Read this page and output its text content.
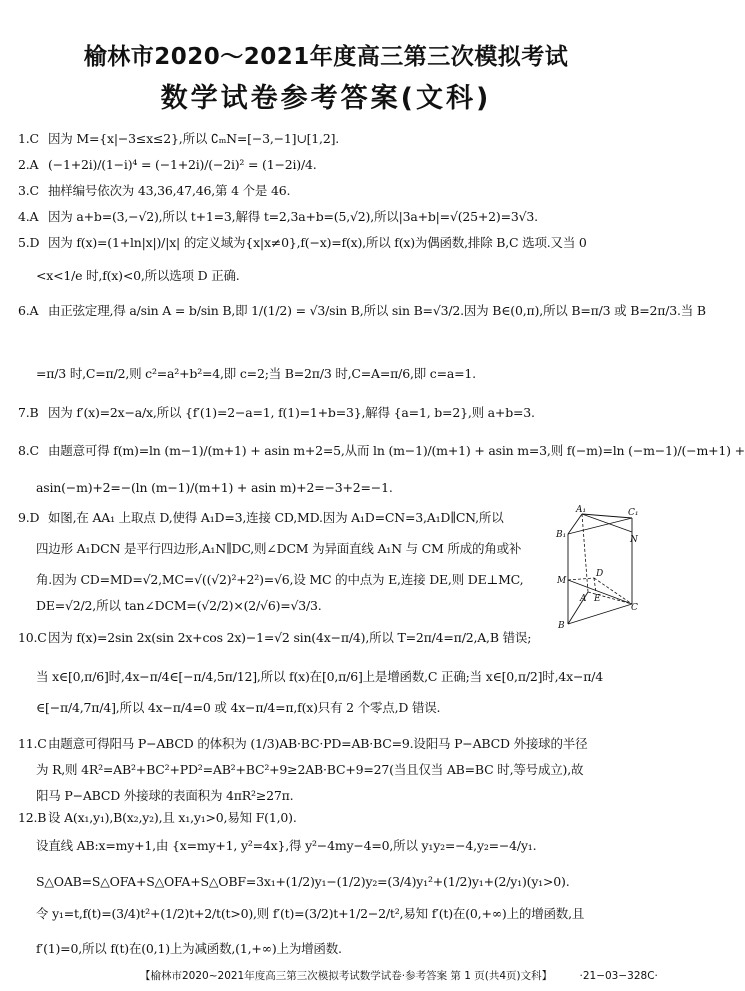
榆林市2020～2021年度高三第三次模拟考试
数学试卷参考答案(文科)
1.C 因为 M={x|−3≤x≤2},所以 ∁ₘN=[−3,−1]∪[1,2].
2.A (−1+2i)/(1−i)⁴ = (−1+2i)/(−2i)² = (1−2i)/4.
3.C 抽样编号依次为 43,36,47,46,第 4 个是 46.
4.A 因为 a+b=(3,−√2),所以 t+1=3,解得 t=2,3a+b=(5,√2),所以|3a+b|=√(25+2)=3√3.
5.D 因为 f(x)=(1+ln|x|)/|x| 的定义域为{x|x≠0},f(−x)=f(x),所以 f(x)为偶函数,排除 B,C 选项.又当 0
<x<1/e 时,f(x)<0,所以选项 D 正确.
6.A 由正弦定理,得 a/sin A = b/sin B,即 1/(1/2) = √3/sin B,所以 sin B=√3/2.因为 B∈(0,π),所以 B=π/3 或 B=2π/3.当 B
=π/3 时,C=π/2,则 c²=a²+b²=4,即 c=2;当 B=2π/3 时,C=A=π/6,即 c=a=1.
7.B 因为 f′(x)=2x−a/x,所以 {f′(1)=2−a=1, f(1)=1+b=3},解得 {a=1, b=2},则 a+b=3.
8.C 由题意可得 f(m)=ln (m−1)/(m+1) + asin m+2=5,从而 ln (m−1)/(m+1) + asin m=3,则 f(−m)=ln (−m−1)/(−m+1) +
asin(−m)+2=−(ln (m−1)/(m+1) + asin m)+2=−3+2=−1.
9.D 如图,在 AA₁ 上取点 D,使得 A₁D=3,连接 CD,MD.因为 A₁D=CN=3,A₁D∥CN,所以
四边形 A₁DCN 是平行四边形,A₁N∥DC,则∠DCM 为异面直线 A₁N 与 CM 所成的角或补
角.因为 CD=MD=√2,MC=√((√2)²+2²)=√6,设 MC 的中点为 E,连接 DE,则 DE⊥MC,
DE=√2/2,所以 tan∠DCM=(√2/2)×(2/√6)=√3/3.
10.C因为 f(x)=2sin 2x(sin 2x+cos 2x)−1=√2 sin(4x−π/4),所以 T=2π/4=π/2,A,B 错误;
当 x∈[0,π/6]时,4x−π/4∈[−π/4,5π/12],所以 f(x)在[0,π/6]上是增函数,C 正确;当 x∈[0,π/2]时,4x−π/4
∈[−π/4,7π/4],所以 4x−π/4=0 或 4x−π/4=π,f(x)只有 2 个零点,D 错误.
11.C由题意可得阳马 P−ABCD 的体积为 (1/3)AB·BC·PD=AB·BC=9.设阳马 P−ABCD 外接球的半径
为 R,则 4R²=AB²+BC²+PD²=AB²+BC²+9≥2AB·BC+9=27(当且仅当 AB=BC 时,等号成立),故
阳马 P−ABCD 外接球的表面积为 4πR²≥27π.
12.B 设 A(x₁,y₁),B(x₂,y₂),且 x₁,y₁>0,易知 F(1,0).
设直线 AB:x=my+1,由 {x=my+1, y²=4x},得 y²−4my−4=0,所以 y₁y₂=−4,y₂=−4/y₁.
S△OAB=S△OFA+S△OFA+S△OBF=3x₁+(1/2)y₁−(1/2)y₂=(3/4)y₁²+(1/2)y₁+(2/y₁)(y₁>0).
令 y₁=t,f(t)=(3/4)t²+(1/2)t+2/t(t>0),则 f′(t)=(3/2)t+1/2−2/t²,易知 f′(t)在(0,+∞)上的增函数,且
f′(1)=0,所以 f(t)在(0,1)上为减函数,(1,+∞)上为增函数.
A₁	C₁
B₁	N
D
M
E
A
C
B
【榆林市2020~2021年度高三第三次模拟考试数学试卷·参考答案 第 1 页(共4页)文科】	·21−03−328C·
